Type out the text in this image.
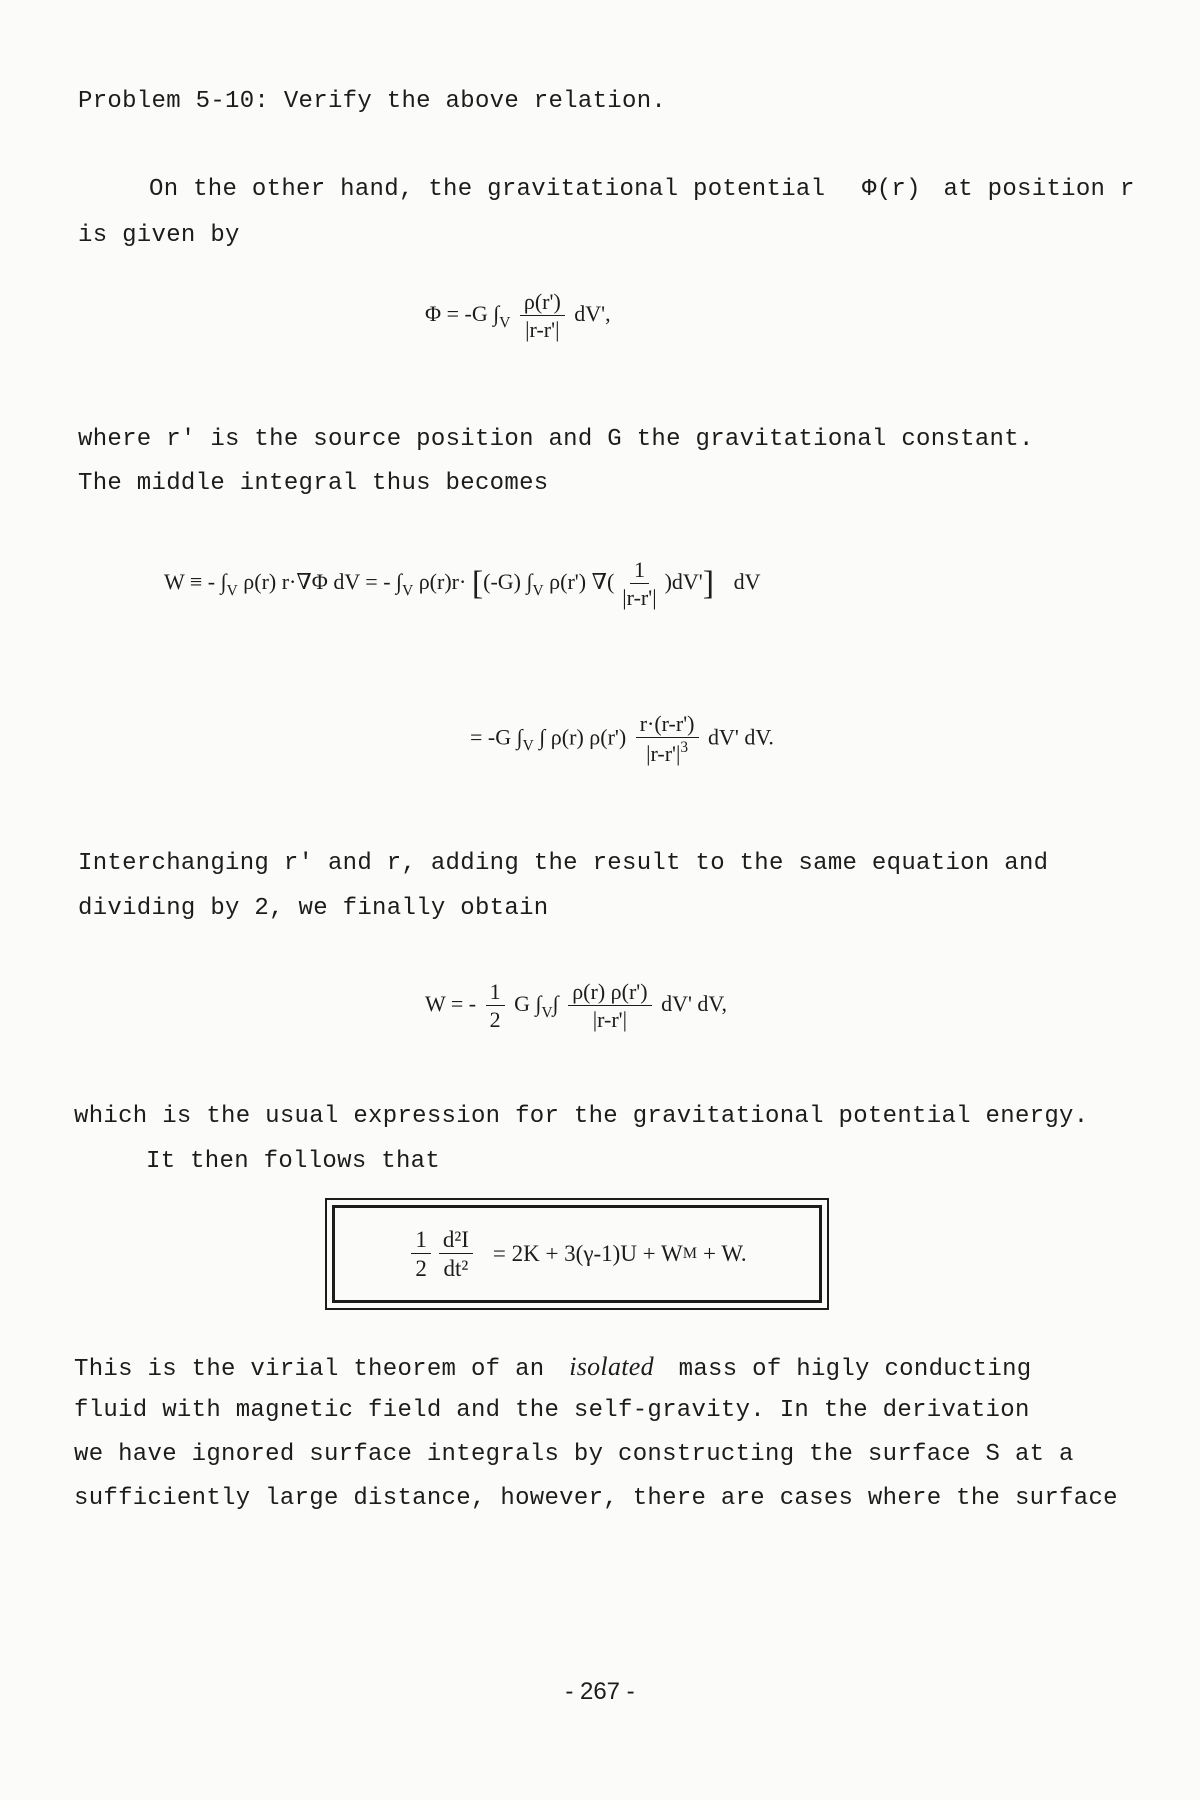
Problem 5-10: Verify the above relation.
On the other hand, the gravitational potential Φ(r) at position r
is given by
Φ = -G $\int_V \frac{\rho(r')}{|r-r'|} dV'$,
where r' is the source position and G the gravitational constant.
The middle integral thus becomes
W ≡ - $\int_V$ ρ(r) r·∇Φ dV = - $\int_V$ ρ(r)r· [(-G) $\int_V$ ρ(r') ∇( $\frac{1}{|r-r'|} )dV'$] dV
= -G $\int_V$ ∫ ρ(r) $\rho(r') \frac{r\cdot(r-r')}{|r-r'|^3} dV'$ dV.
Interchanging r' and r, adding the result to the same equation and
dividing by 2, we finally obtain
W = - $\frac{1}{2}$ G $\int_V\int \frac{\rho(r) \rho(r')}{|r-r'|} dV'$ dV,
which is the usual expression for the gravitational potential energy.
It then follows that
$\frac{1}{2} \frac{\text{d²I}}{\text{dt²}} = 2K + 3(\gamma-1)U + W$ M + W.
This is the virial theorem of an isolated mass of higly conducting
fluid with magnetic field and the self-gravity. In the derivation
we have ignored surface integrals by constructing the surface S at a
sufficiently large distance, however, there are cases where the surface
- 267 -
